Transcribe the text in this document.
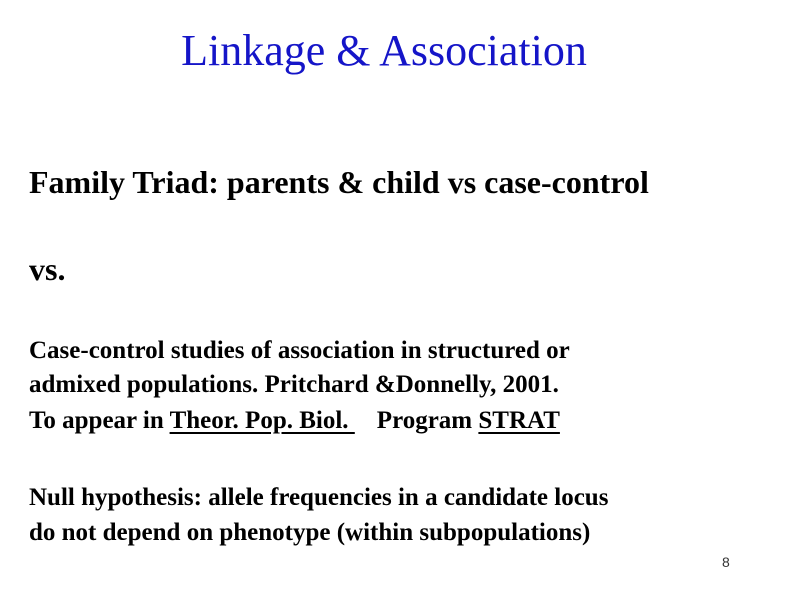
Linkage & Association
Family Triad: parents & child vs case-control
vs.
Case-control studies of association in structured or
admixed populations. Pritchard &Donnelly, 2001.
To appear in Theor. Pop. Biol. Program STRAT
Null hypothesis: allele frequencies in a candidate locus
do not depend on phenotype (within subpopulations)
8
